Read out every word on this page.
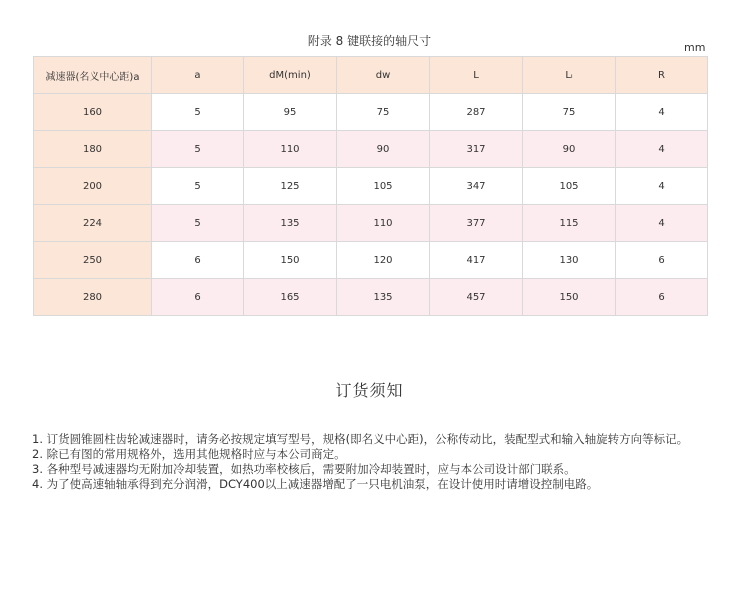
附录 8 键联接的轴尺寸	mm
减速器(名义中心距)a	a	dM(min)	dw	L	Lᵢ	R
160	5	95	75	287	75	4
180	5	110	90	317	90	4
200	5	125	105	347	105	4
224	5	135	110	377	115	4
250	6	150	120	417	130	6
280	6	165	135	457	150	6
订货须知

1. 订货圆锥圆柱齿轮减速器时，请务必按规定填写型号，规格(即名义中心距)，公称传动比，装配型式和输入轴旋转方向等标记。

2. 除已有图的常用规格外，选用其他规格时应与本公司商定。

3. 各种型号减速器均无附加冷却装置，如热功率校核后，需要附加冷却装置时，应与本公司设计部门联系。

4. 为了使高速轴轴承得到充分润滑，DCY400以上减速器增配了一只电机油泵，在设计使用时请增设控制电路。
